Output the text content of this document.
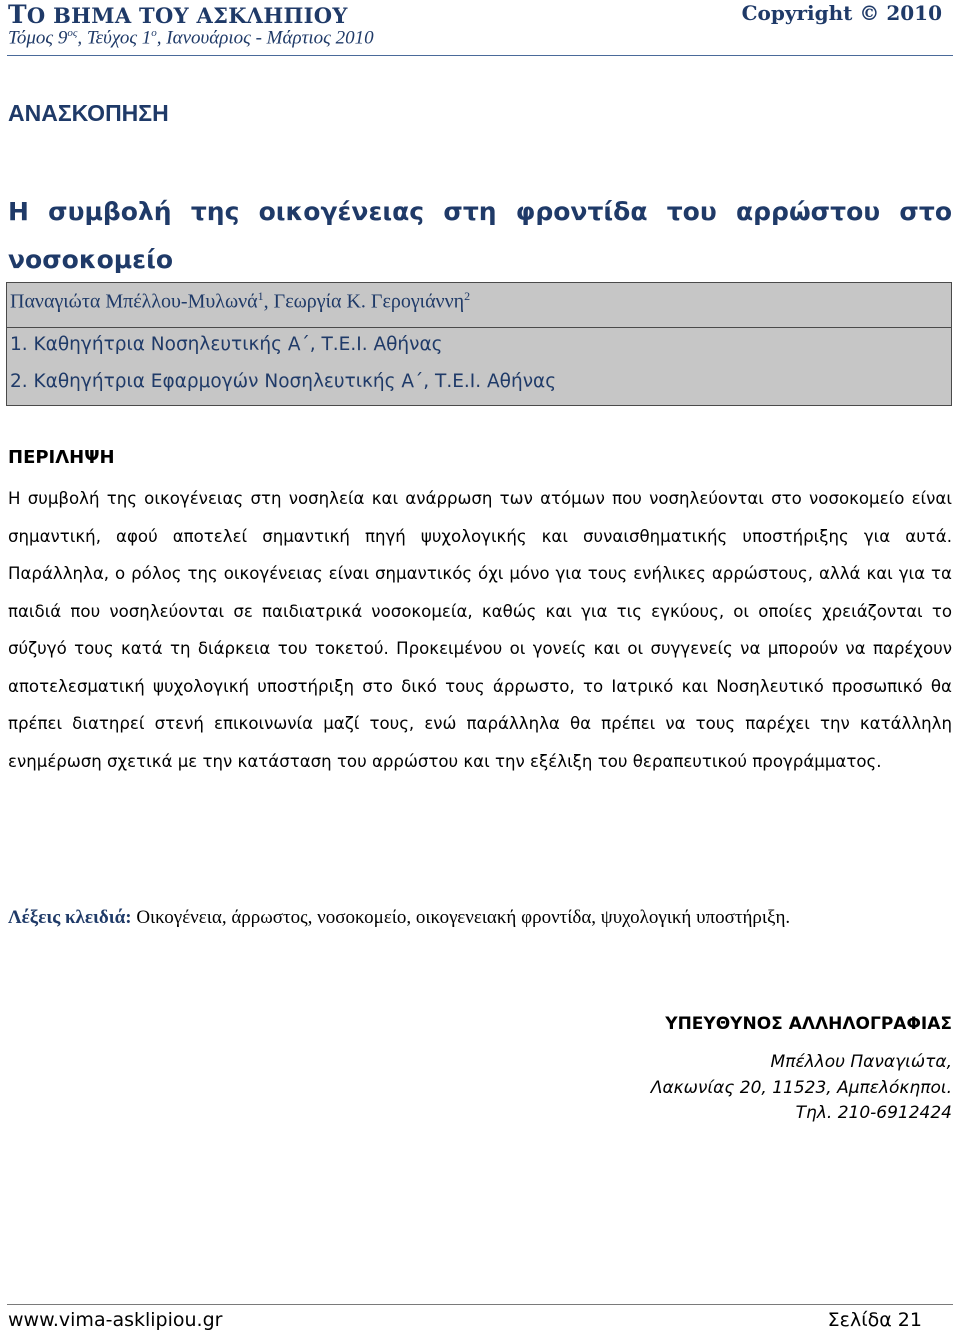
ΤΟ ΒΗΜΑ ΤΟΥ ΑΣΚΛΗΠΙΟΥ	Copyright © 2010
Τόμος $9^{o\varsigma}$, Τεύχος $1^o$, Ιανουάριος - Μάρτιος 2010
ΑΝΑΣΚΟΠΗΣΗ
Η συμβολή της οικογένειας στη φροντίδα του αρρώστου στο νοσοκομείο
Παναγιώτα Μπέλλου-Μυλωνά$^1$, Γεωργία Κ. Γερογιάννη$^2$
1. Καθηγήτρια Νοσηλευτικής Α΄, Τ.Ε.Ι. Αθήνας
2. Καθηγήτρια Εφαρμογών Νοσηλευτικής Α΄, Τ.Ε.Ι. Αθήνας
ΠΕΡΙΛΗΨΗ

Η συμβολή της οικογένειας στη νοσηλεία και ανάρρωση των ατόμων που νοσηλεύονται στο νοσοκομείο είναι σημαντική, αφού αποτελεί σημαντική πηγή ψυχολογικής και συναισθηματικής υποστήριξης για αυτά. Παράλληλα, ο ρόλος της οικογένειας είναι σημαντικός όχι μόνο για τους ενήλικες αρρώστους, αλλά και για τα παιδιά που νοσηλεύονται σε παιδιατρικά νοσοκομεία, καθώς και για τις εγκύους, οι οποίες χρειάζονται το σύζυγό τους κατά τη διάρκεια του τοκετού. Προκειμένου οι γονείς και οι συγγενείς να μπορούν να παρέχουν αποτελεσματική ψυχολογική υποστήριξη στο δικό τους άρρωστο, το Ιατρικό και Νοσηλευτικό προσωπικό θα πρέπει διατηρεί στενή επικοινωνία μαζί τους, ενώ παράλληλα θα πρέπει να τους παρέχει την κατάλληλη ενημέρωση σχετικά με την κατάσταση του αρρώστου και την εξέλιξη του θεραπευτικού προγράμματος.

Λέξεις κλειδιά: Οικογένεια, άρρωστος, νοσοκομείο, οικογενειακή φροντίδα, ψυχολογική υποστήριξη.
ΥΠΕΥΘΥΝΟΣ ΑΛΛΗΛΟΓΡΑΦΙΑΣ
Μπέλλου Παναγιώτα,
Λακωνίας 20, 11523, Αμπελόκηποι.
Τηλ. 210-6912424
www.vima-asklipiou.gr	Σελίδα 21
